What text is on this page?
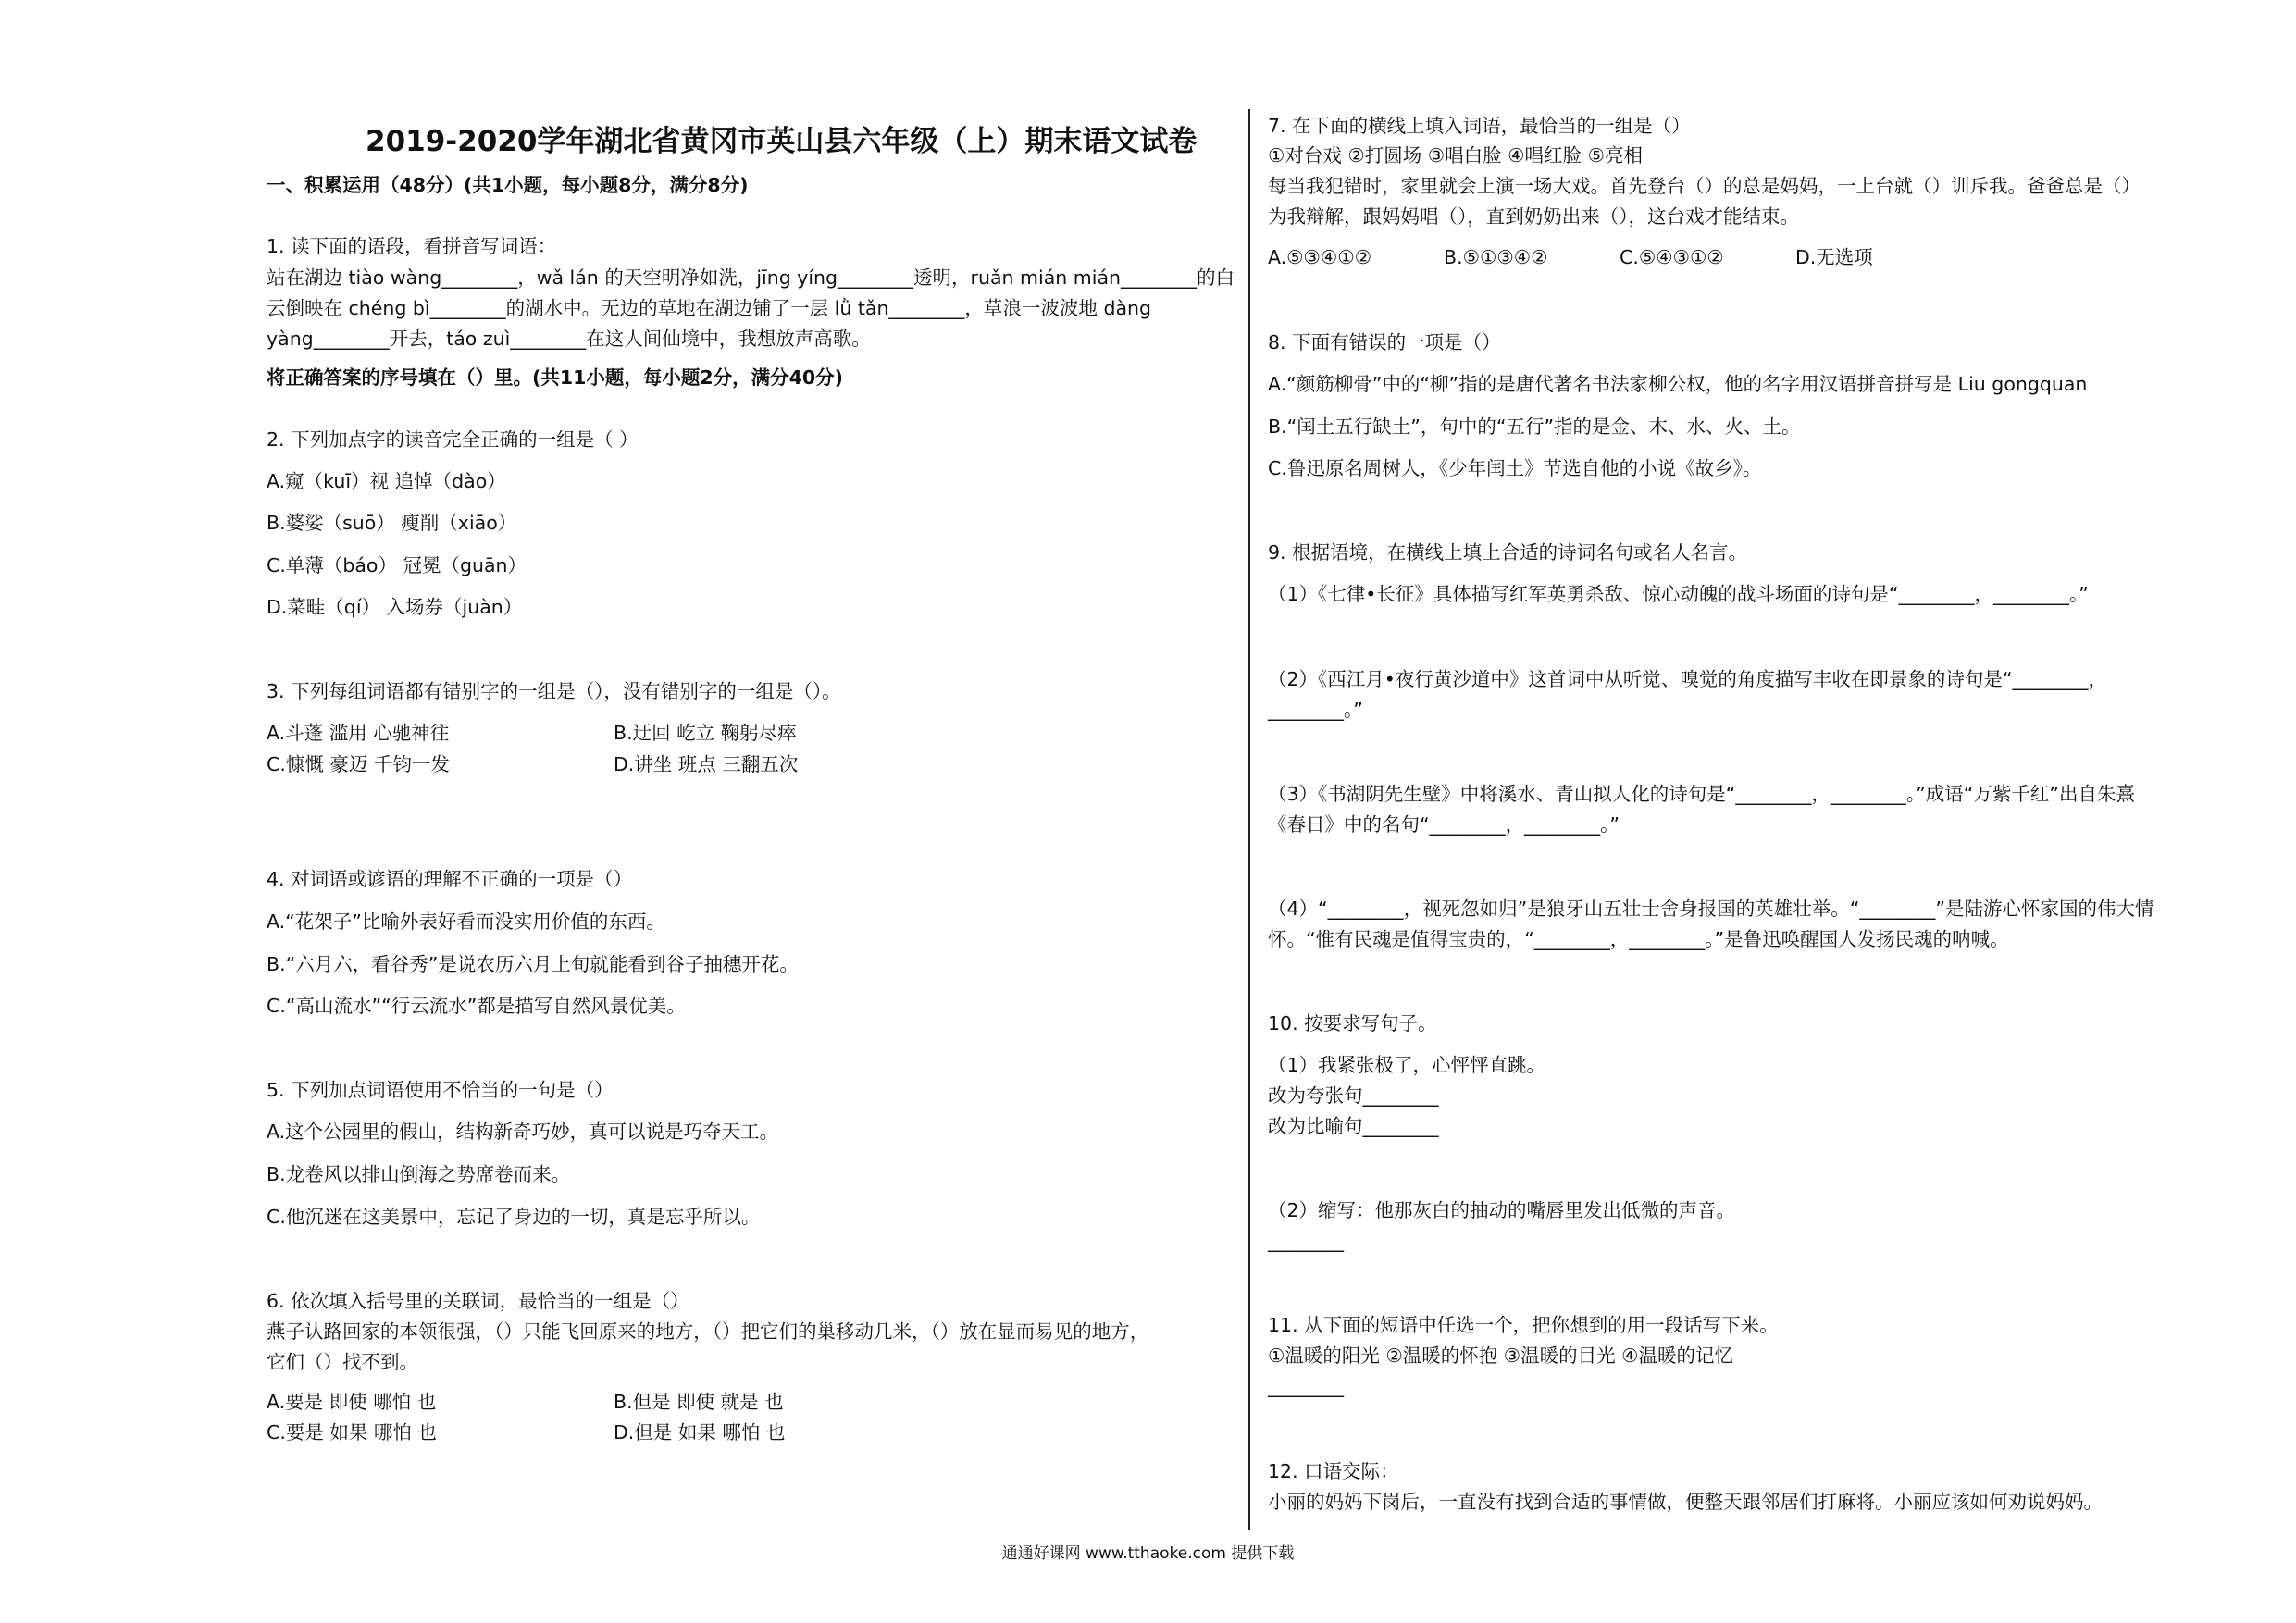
2019-2020学年湖北省黄冈市英山县六年级（上）期末语文试卷
一、积累运用（48分）(共1小题，每小题8分，满分8分)
1. 读下面的语段，看拼音写词语：
站在湖边 tiào wàng________，wǎ lán 的天空明净如洗，jīng yíng________透明，ruǎn mián mián________的白
云倒映在 chéng bì________的湖水中。无边的草地在湖边铺了一层 lǜ tǎn________，草浪一波波地 dàng
yàng________开去，táo zuì________在这人间仙境中，我想放声高歌。
将正确答案的序号填在（）里。(共11小题，每小题2分，满分40分)
2. 下列加点字的读音完全正确的一组是（ ）
A.窥（kuī）视 追悼（dào）
B.婆娑（suō） 瘦削（xiāo）
C.单薄（báo） 冠冕（guān）
D.菜畦（qí） 入场券（juàn）
3. 下列每组词语都有错别字的一组是（），没有错别字的一组是（）。
A.斗蓬 滥用 心驰神往	B.迂回 屹立 鞠躬尽瘁
C.慷慨 豪迈 千钧一发	D.讲坐 班点 三翻五次
4. 对词语或谚语的理解不正确的一项是（）
A.“花架子”比喻外表好看而没实用价值的东西。
B.“六月六，看谷秀”是说农历六月上旬就能看到谷子抽穗开花。
C.“高山流水”“行云流水”都是描写自然风景优美。
5. 下列加点词语使用不恰当的一句是（）
A.这个公园里的假山，结构新奇巧妙，真可以说是巧夺天工。
B.龙卷风以排山倒海之势席卷而来。
C.他沉迷在这美景中，忘记了身边的一切，真是忘乎所以。
6. 依次填入括号里的关联词，最恰当的一组是（）
燕子认路回家的本领很强，（）只能飞回原来的地方，（）把它们的巢移动几米，（）放在显而易见的地方，
它们（）找不到。
A.要是 即使 哪怕 也	B.但是 即使 就是 也
C.要是 如果 哪怕 也	D.但是 如果 哪怕 也
7. 在下面的横线上填入词语，最恰当的一组是（）
①对台戏 ②打圆场 ③唱白脸 ④唱红脸 ⑤亮相
每当我犯错时，家里就会上演一场大戏。首先登台（）的总是妈妈，一上台就（）训斥我。爸爸总是（）
为我辩解，跟妈妈唱（），直到奶奶出来（），这台戏才能结束。
A.⑤③④①②	B.⑤①③④②	C.⑤④③①②	D.无选项
8. 下面有错误的一项是（）
A.“颜筋柳骨”中的“柳”指的是唐代著名书法家柳公权，他的名字用汉语拼音拼写是 Liu gongquan
B.“闰土五行缺土”，句中的“五行”指的是金、木、水、火、土。
C.鲁迅原名周树人，《少年闰土》节选自他的小说《故乡》。
9. 根据语境，在横线上填上合适的诗词名句或名人名言。
（1）《七律•长征》具体描写红军英勇杀敌、惊心动魄的战斗场面的诗句是“________，________。”
（2）《西江月•夜行黄沙道中》这首词中从听觉、嗅觉的角度描写丰收在即景象的诗句是“________，
________。”
（3）《书湖阴先生壁》中将溪水、青山拟人化的诗句是“________，________。”成语“万紫千红”出自朱熹
《春日》中的名句“________，________。”
（4）“________，视死忽如归”是狼牙山五壮士舍身报国的英雄壮举。“________”是陆游心怀家国的伟大情
怀。“惟有民魂是值得宝贵的，“________，________。”是鲁迅唤醒国人发扬民魂的呐喊。
10. 按要求写句子。
（1）我紧张极了，心怦怦直跳。
改为夸张句________
改为比喻句________
（2）缩写：他那灰白的抽动的嘴唇里发出低微的声音。
________
11. 从下面的短语中任选一个，把你想到的用一段话写下来。
①温暖的阳光 ②温暖的怀抱 ③温暖的目光 ④温暖的记忆
________
12. 口语交际：
小丽的妈妈下岗后，一直没有找到合适的事情做，便整天跟邻居们打麻将。小丽应该如何劝说妈妈。
通通好课网 www.tthaoke.com 提供下载
